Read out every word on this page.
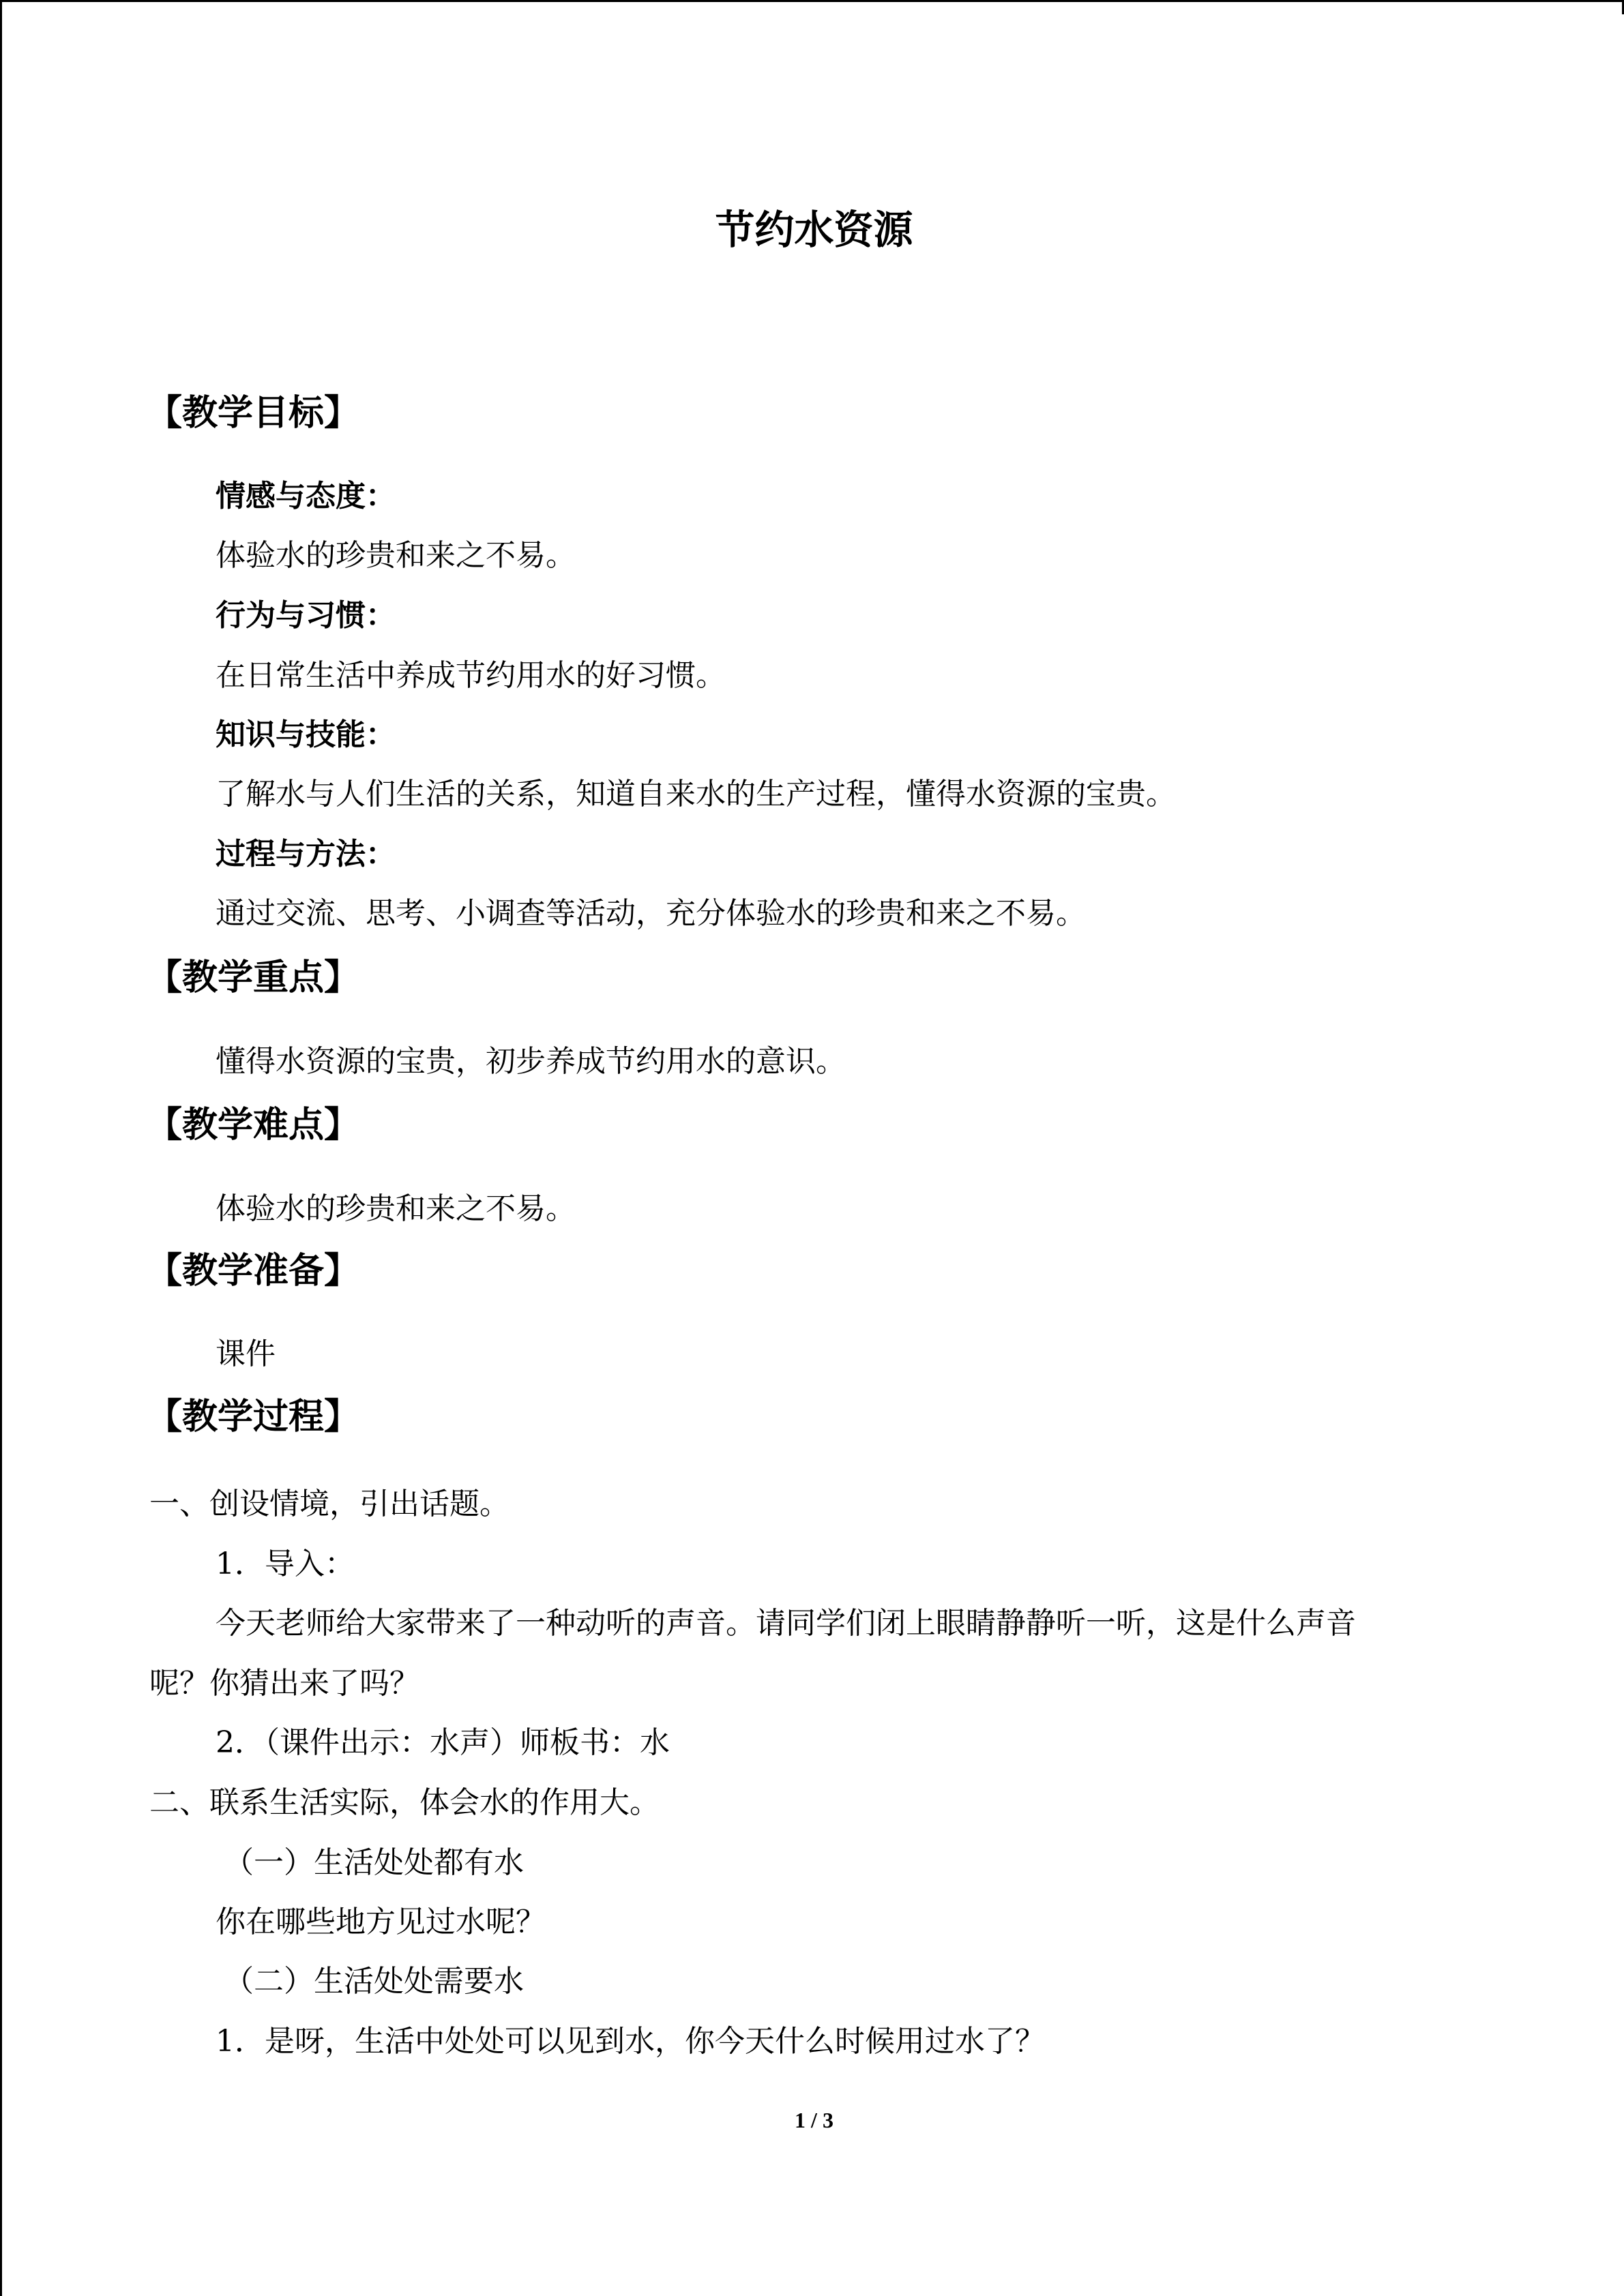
节约水资源
【教学目标】
情感与态度：
体验水的珍贵和来之不易。
行为与习惯：
在日常生活中养成节约用水的好习惯。
知识与技能：
了解水与人们生活的关系，知道自来水的生产过程，懂得水资源的宝贵。
过程与方法：
通过交流、思考、小调查等活动，充分体验水的珍贵和来之不易。
【教学重点】
懂得水资源的宝贵，初步养成节约用水的意识。
【教学难点】
体验水的珍贵和来之不易。
【教学准备】
课件
【教学过程】
一、创设情境，引出话题。
1．导入：
今天老师给大家带来了一种动听的声音。请同学们闭上眼睛静静听一听，这是什么声音
呢？你猜出来了吗？
2．（课件出示：水声）师板书：水
二、联系生活实际，体会水的作用大。
（一）生活处处都有水
你在哪些地方见过水呢？
（二）生活处处需要水
1．是呀，生活中处处可以见到水，你今天什么时候用过水了？
1 / 3
